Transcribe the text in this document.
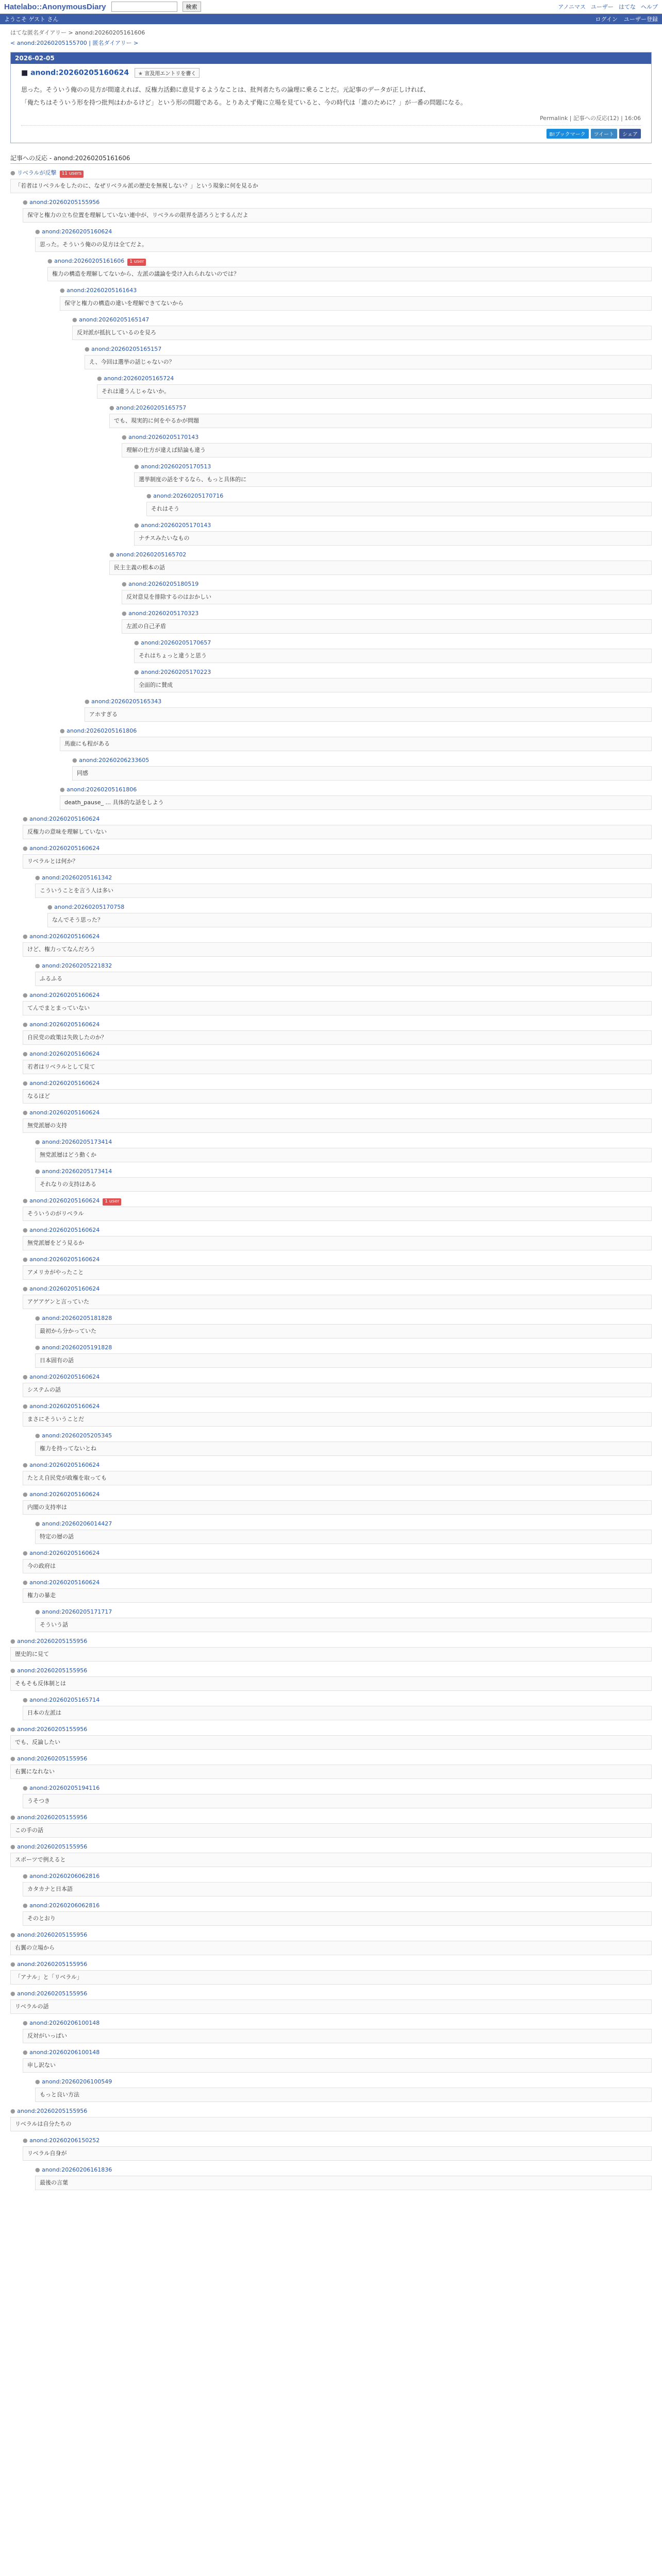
Hatelabo::AnonymousDiary	検索	アノニマス ユーザー はてな ヘルプ
ようこそ ゲスト さん	ログイン ユーザー登録
はてな匿名ダイアリー > anond:20260205161606
< anond:20260205155700 | 匿名ダイアリー >
2026-02-05
■ anond:20260205160624 ★ 言及用エントリを書く

思った。そういう俺のの見方が間違えれば、反権力活動に意見するようなことは、批判者たちの論理に乗ることだ。元記事のデータが正しければ、

「俺たちはそういう形を持つ批判はわかるけど」という形の問題である。とりあえず俺に立場を見ていると、今の時代は「誰のために？」が一番の問題になる。

Permalink | 記事への反応(12) | 16:06
B!ブックマーク	ツイート	シェア
記事への反応 - anond:20260205161606
● リベラルが反撃 11 users
「若者はリベラルをしたのに、なぜリベラル派の歴史を無視しない？」という現象に何を見るか
● anond:20260205155956
保守と権力の立ち位置を理解していない連中が、リベラルの限界を語ろうとするんだよ
● anond:20260205160624
思った。そういう俺のの見方は全てだよ。
● anond:20260205161606 1 user
権力の構造を理解してないから、左派の議論を受け入れられないのでは？
● anond:20260205161643
保守と権力の構造の違いを理解できてないから
● anond:20260205165147
反対派が抵抗しているのを見ろ
● anond:20260205165157
え、今回は選挙の話じゃないの？
● anond:20260205165724
それは違うんじゃないか。
● anond:20260205165757
でも、現実的に何をやるかが問題
● anond:20260205170143
理解の仕方が違えば結論も違う
● anond:20260205170513
選挙制度の話をするなら、もっと具体的に
● anond:20260205170716
それはそう
● anond:20260205170143
ナチスみたいなもの
● anond:20260205165702
民主主義の根本の話
● anond:20260205180519
反対意見を排除するのはおかしい
● anond:20260205170323
左派の自己矛盾
● anond:20260205170657
それはちょっと違うと思う
● anond:20260205170223
全面的に賛成
● anond:20260205165343
アホすぎる
● anond:20260205161806
馬鹿にも程がある
● anond:20260206233605
同感
● anond:20260205161806
death_pause_ ... 具体的な話をしよう
● anond:20260205160624
反権力の意味を理解していない
● anond:20260205160624
リベラルとは何か？
● anond:20260205161342
こういうことを言う人は多い
● anond:20260205170758
なんでそう思った？
● anond:20260205160624
けど、権力ってなんだろう
● anond:20260205221832
ふるふる
● anond:20260205160624
てんでまとまっていない
● anond:20260205160624
自民党の政策は失敗したのか？
● anond:20260205160624
若者はリベラルとして見て
● anond:20260205160624
なるほど
● anond:20260205160624
無党派層の支持
● anond:20260205173414
無党派層はどう動くか
● anond:20260205173414
それなりの支持はある
● anond:20260205160624 1 user
そういうのがリベラル
● anond:20260205160624
無党派層をどう見るか
● anond:20260205160624
アメリカがやったこと
● anond:20260205160624
アゲアゲンと言っていた
● anond:20260205181828
最初から分かっていた
● anond:20260205191828
日本固有の話
● anond:20260205160624
システムの話
● anond:20260205160624
まさにそういうことだ
● anond:20260205205345
権力を持ってないとね
● anond:20260205160624
たとえ自民党が政権を取っても
● anond:20260205160624
内閣の支持率は
● anond:20260206014427
特定の層の話
● anond:20260205160624
今の政府は
● anond:20260205160624
権力の暴走
● anond:20260205171717
そういう話
● anond:20260205155956
歴史的に見て
● anond:20260205155956
そもそも反体制とは
● anond:20260205165714
日本の左派は
● anond:20260205155956
でも、反論したい
● anond:20260205155956
右翼になれない
● anond:20260205194116
うそつき
● anond:20260205155956
この手の話
● anond:20260205155956
スポーツで例えると
● anond:20260206062816
カタカナと日本語
● anond:20260206062816
そのとおり
● anond:20260205155956
右翼の立場から
● anond:20260205155956
「アナル」と「リベラル」
● anond:20260205155956
リベラルの話
● anond:20260206100148
反対がいっぱい
● anond:20260206100148
申し訳ない
● anond:20260206100549
もっと良い方法
● anond:20260205155956
リベラルは自分たちの
● anond:20260206150252
リベラル自身が
● anond:20260206161836
最後の言葉
